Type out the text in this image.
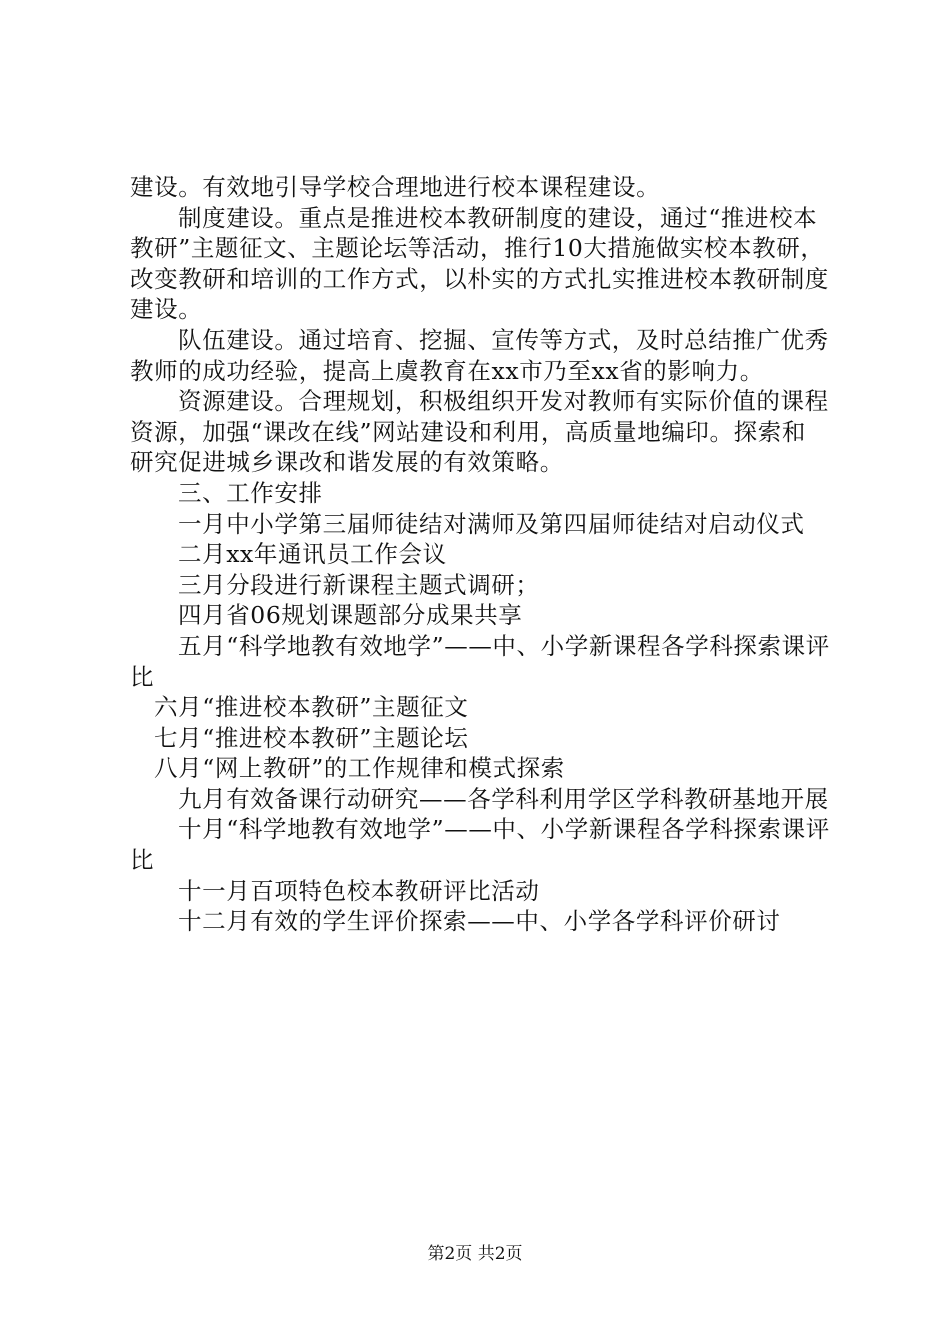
建设。有效地引导学校合理地进行校本课程建设。

制度建设。重点是推进校本教研制度的建设，通过“推进校本教研”主题征文、主题论坛等活动，推行10大措施做实校本教研，改变教研和培训的工作方式，以朴实的方式扎实推进校本教研制度建设。

队伍建设。通过培育、挖掘、宣传等方式，及时总结推广优秀教师的成功经验，提高上虞教育在xx市乃至xx省的影响力。

资源建设。合理规划，积极组织开发对教师有实际价值的课程资源，加强“课改在线”网站建设和利用，高质量地编印。探索和研究促进城乡课改和谐发展的有效策略。

三、工作安排

一月中小学第三届师徒结对满师及第四届师徒结对启动仪式

二月xx年通讯员工作会议

三月分段进行新课程主题式调研；

四月省06规划课题部分成果共享

五月“科学地教有效地学”——中、小学新课程各学科探索课评比

六月“推进校本教研”主题征文

七月“推进校本教研”主题论坛

八月“网上教研”的工作规律和模式探索

九月有效备课行动研究——各学科利用学区学科教研基地开展

十月“科学地教有效地学”——中、小学新课程各学科探索课评比

十一月百项特色校本教研评比活动

十二月有效的学生评价探索——中、小学各学科评价研讨

第2页 共2页
